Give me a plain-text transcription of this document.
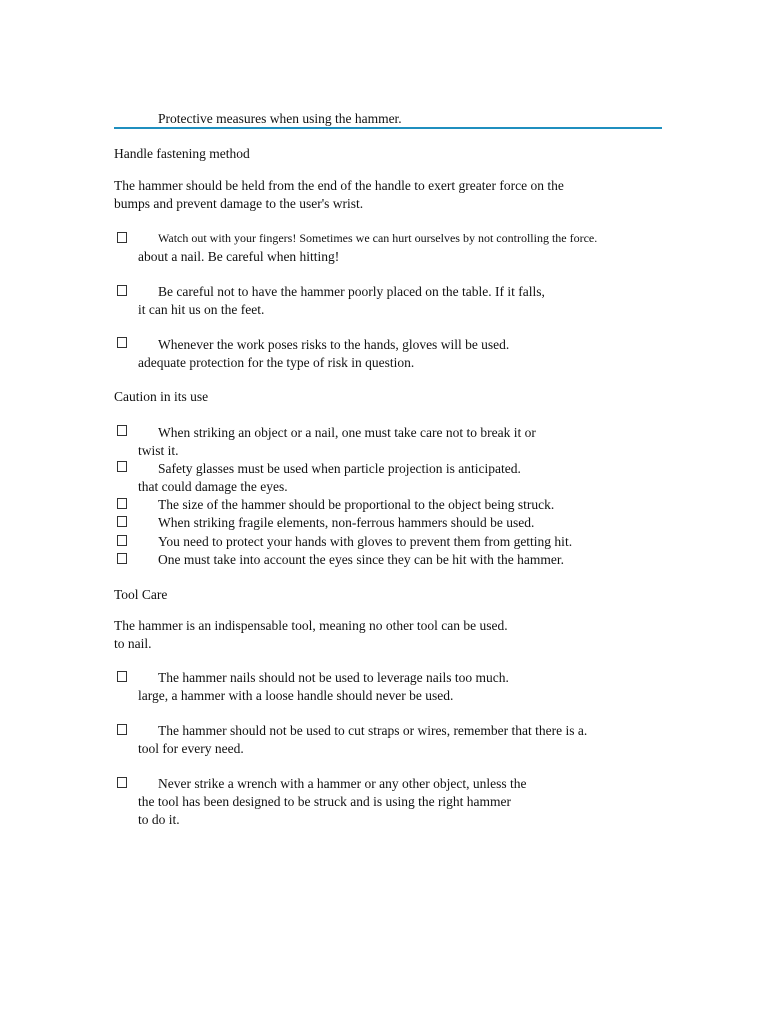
Protective measures when using the hammer.
Handle fastening method
The hammer should be held from the end of the handle to exert greater force on the
bumps and prevent damage to the user's wrist.
Watch out with your fingers! Sometimes we can hurt ourselves by not controlling the force.
about a nail. Be careful when hitting!
Be careful not to have the hammer poorly placed on the table. If it falls,
it can hit us on the feet.
Whenever the work poses risks to the hands, gloves will be used.
adequate protection for the type of risk in question.
Caution in its use
When striking an object or a nail, one must take care not to break it or
twist it.
Safety glasses must be used when particle projection is anticipated.
that could damage the eyes.
The size of the hammer should be proportional to the object being struck.
When striking fragile elements, non-ferrous hammers should be used.
You need to protect your hands with gloves to prevent them from getting hit.
One must take into account the eyes since they can be hit with the hammer.
Tool Care
The hammer is an indispensable tool, meaning no other tool can be used.
to nail.
The hammer nails should not be used to leverage nails too much.
large, a hammer with a loose handle should never be used.
The hammer should not be used to cut straps or wires, remember that there is a.
tool for every need.
Never strike a wrench with a hammer or any other object, unless the
the tool has been designed to be struck and is using the right hammer
to do it.
